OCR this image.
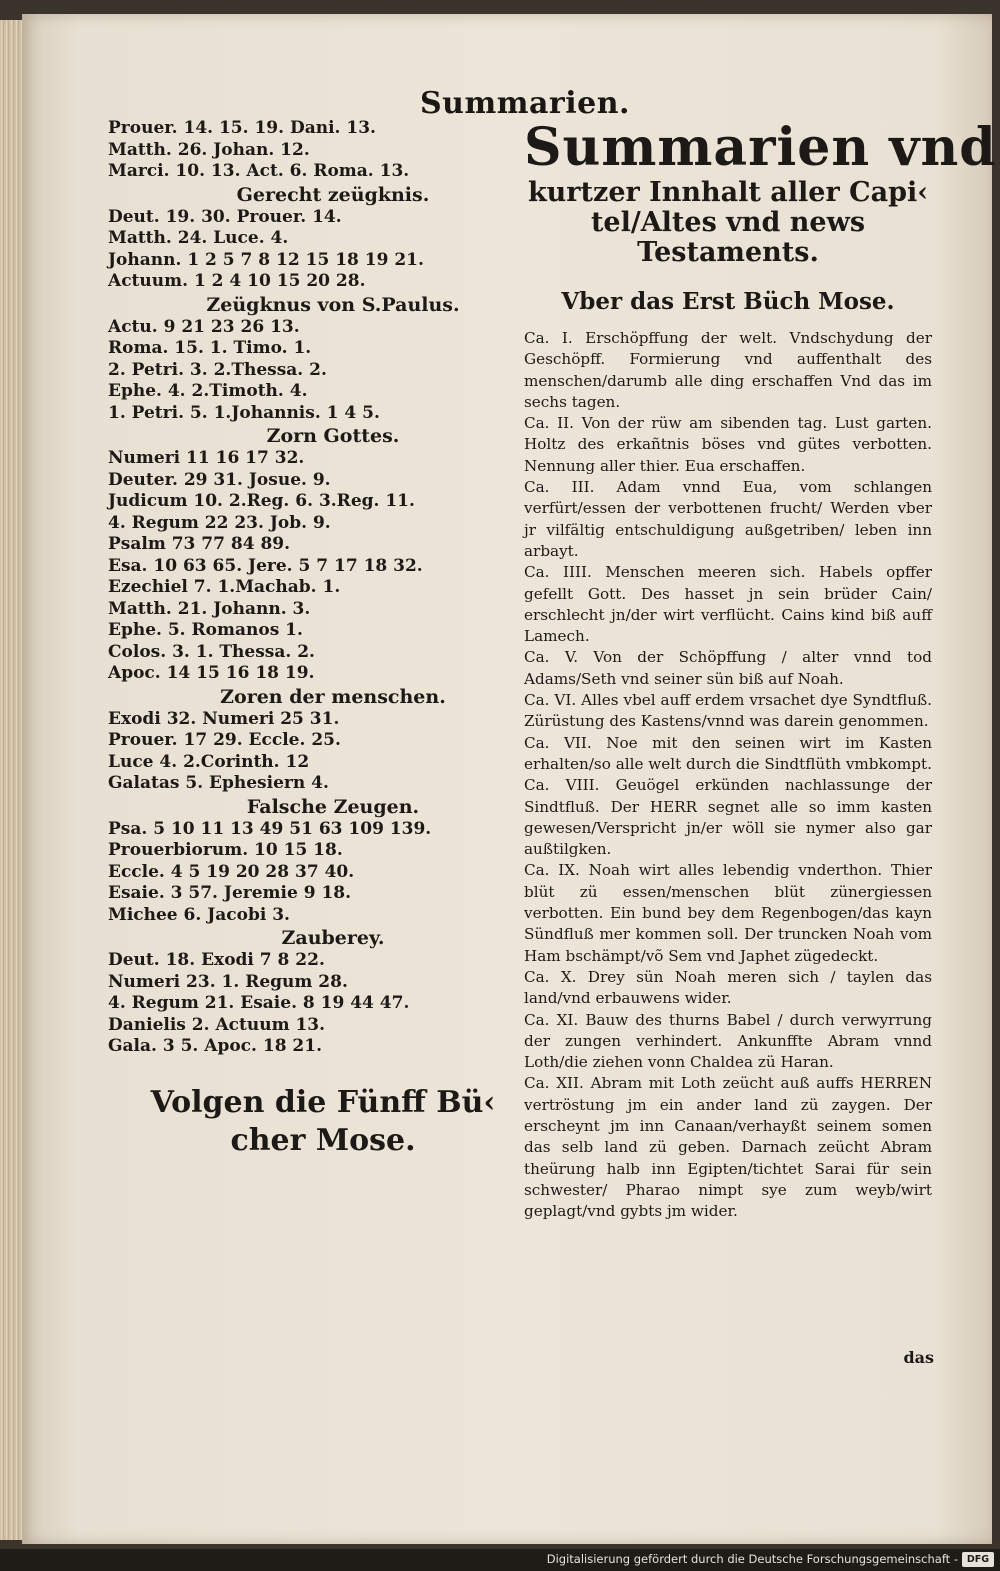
Summarien.
Prouer. 14. 15. 19. Dani. 13.
Matth. 26. Johan. 12.
Marci. 10. 13. Act. 6. Roma. 13.
Gerecht zeügknis.
Deut. 19. 30. Prouer. 14.
Matth. 24. Luce. 4.
Johann. 1 2 5 7 8 12 15 18 19 21.
Actuum. 1 2 4 10 15 20 28.
Zeügknus von S.Paulus.
Actu. 9 21 23 26 13.
Roma. 15. 1. Timo. 1.
2. Petri. 3. 2.Thessa. 2.
Ephe. 4. 2.Timoth. 4.
1. Petri. 5. 1.Johannis. 1 4 5.
Zorn Gottes.
Numeri 11 16 17 32.
Deuter. 29 31. Josue. 9.
Judicum 10. 2.Reg. 6. 3.Reg. 11.
4. Regum 22 23. Job. 9.
Psalm 73 77 84 89.
Esa. 10 63 65. Jere. 5 7 17 18 32.
Ezechiel 7. 1.Machab. 1.
Matth. 21. Johann. 3.
Ephe. 5. Romanos 1.
Colos. 3. 1. Thessa. 2.
Apoc. 14 15 16 18 19.
Zoren der menschen.
Exodi 32. Numeri 25 31.
Prouer. 17 29. Eccle. 25.
Luce 4. 2.Corinth. 12
Galatas 5. Ephesiern 4.
Falsche Zeugen.
Psa. 5 10 11 13 49 51 63 109 139.
Prouerbiorum. 10 15 18.
Eccle. 4 5 19 20 28 37 40.
Esaie. 3 57. Jeremie 9 18.
Michee 6. Jacobi 3.
Zauberey.
Deut. 18. Exodi 7 8 22.
Numeri 23. 1. Regum 28.
4. Regum 21. Esaie. 8 19 44 47.
Danielis 2. Actuum 13.
Gala. 3 5. Apoc. 18 21.
Volgen die Fünff Bü‹
cher Mose.
Summarien vnd
kurtzer Innhalt aller Capi‹
tel/Altes vnd news
Testaments.
Vber das Erst Büch Mose.

Ca. I. Erschöpffung der welt. Vndschydung der Geschöpff. Formierung vnd auffenthalt des menschen/darumb alle ding erschaffen Vnd das im sechs tagen.

Ca. II. Von der rüw am sibenden tag. Lust garten. Holtz des erkañtnis böses vnd gütes verbotten. Nennung aller thier. Eua erschaffen.

Ca. III. Adam vnnd Eua, vom schlangen verfürt/essen der verbottenen frucht/ Werden vber jr vilfältig entschuldigung außgetriben/ leben inn arbayt.

Ca. IIII. Menschen meeren sich. Habels opffer gefellt Gott. Des hasset jn sein brüder Cain/ erschlecht jn/der wirt verflücht. Cains kind biß auff Lamech.

Ca. V. Von der Schöpffung / alter vnnd tod Adams/Seth vnd seiner sün biß auf Noah.

Ca. VI. Alles vbel auff erdem vrsachet dye Syndtfluß. Zürüstung des Kastens/vnnd was darein genommen.

Ca. VII. Noe mit den seinen wirt im Kasten erhalten/so alle welt durch die Sindtflüth vmbkompt.

Ca. VIII. Geuögel erkünden nachlassunge der Sindtfluß. Der HERR segnet alle so imm kasten gewesen/Verspricht jn/er wöll sie nymer also gar außtilgken.

Ca. IX. Noah wirt alles lebendig vnderthon. Thier blüt zü essen/menschen blüt zünergiessen verbotten. Ein bund bey dem Regenbogen/das kayn Sündfluß mer kommen soll. Der truncken Noah vom Ham bschämpt/võ Sem vnd Japhet zügedeckt.

Ca. X. Drey sün Noah meren sich / taylen das land/vnd erbauwens wider.

Ca. XI. Bauw des thurns Babel / durch verwyrrung der zungen verhindert. Ankunffte Abram vnnd Loth/die ziehen vonn Chaldea zü Haran.

Ca. XII. Abram mit Loth zeücht auß auffs HERREN vertröstung jm ein ander land zü zaygen. Der erscheynt jm inn Canaan/verhayßt seinem somen das selb land zü geben. Darnach zeücht Abram theürung halb inn Egipten/tichtet Sarai für sein schwester/ Pharao nimpt sye zum weyb/wirt geplagt/vnd gybts jm wider.

das
Digitalisierung gefördert durch die Deutsche Forschungsgemeinschaft - DFG
